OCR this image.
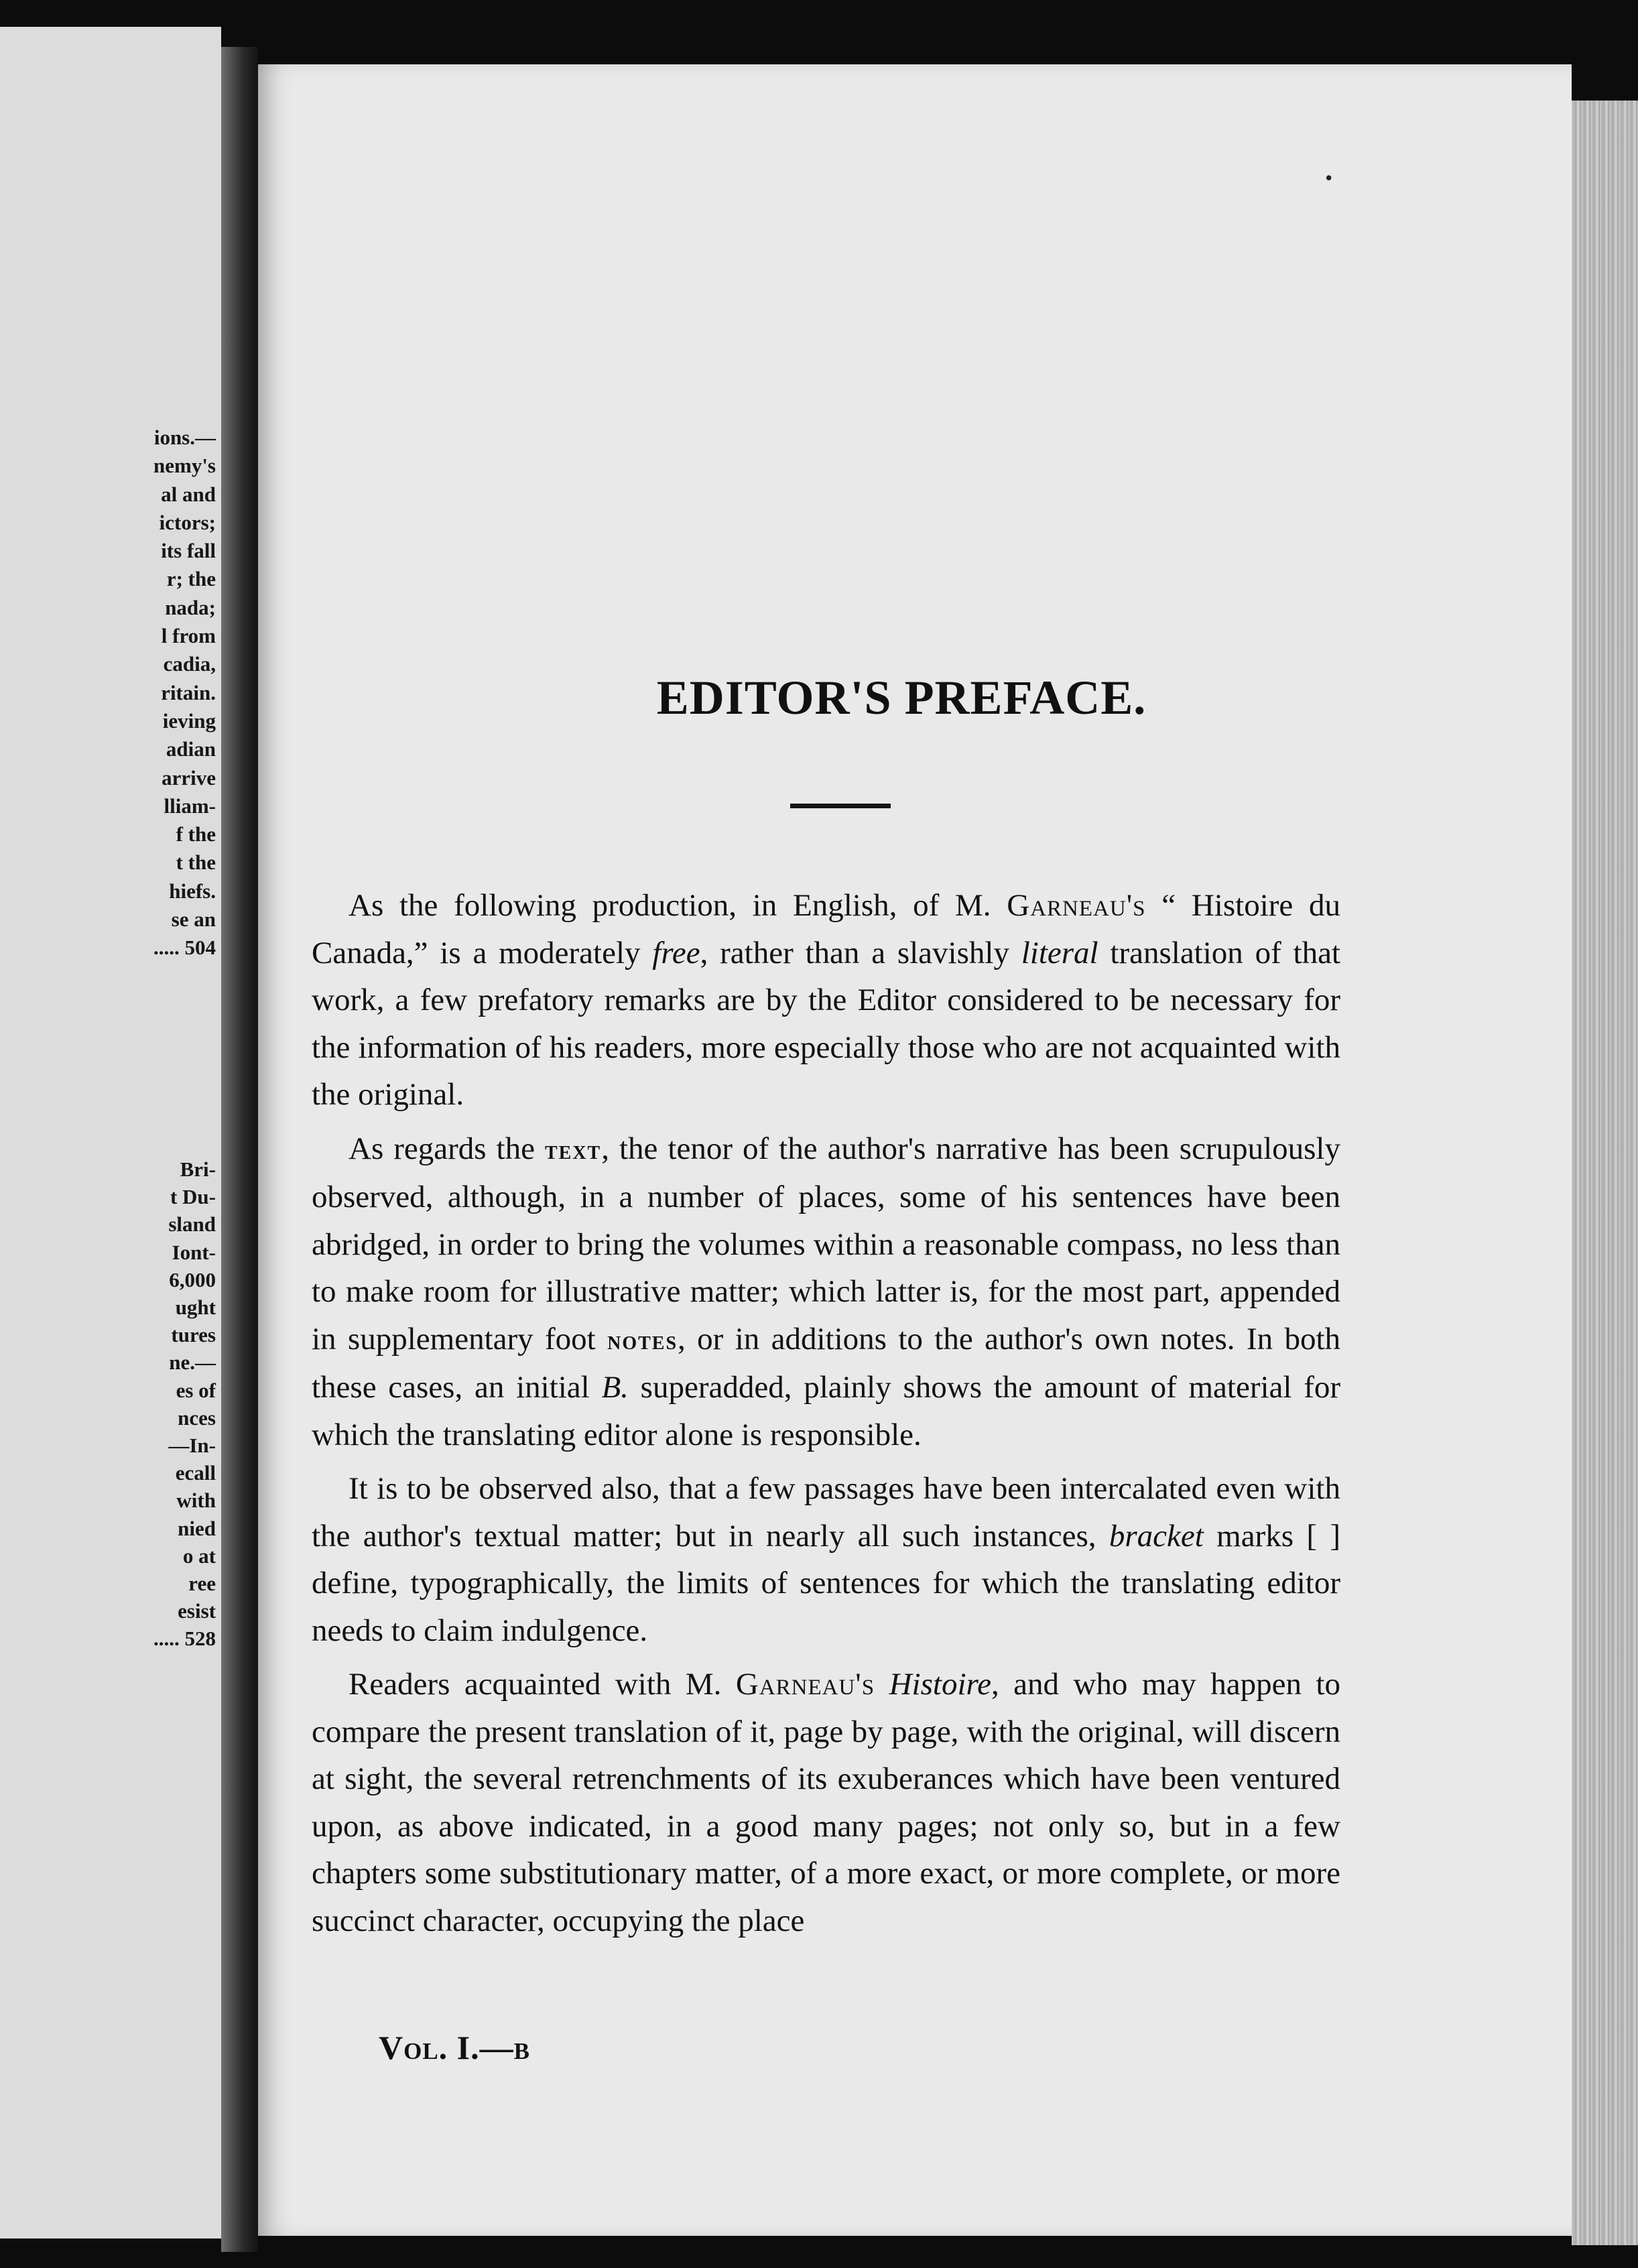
ions.—
nemy's
al and
ictors;
its fall
r; the
nada;
l from
cadia,
ritain.
ieving
adian
arrive
lliam-
f the
t the
hiefs.
se an
..... 504
Bri-
t Du-
sland
Iont-
6,000
ught
tures
ne.—
es of
nces
—In-
ecall
with
nied
o at
ree
esist
..... 528
•
EDITOR'S PREFACE.

As the following production, in English, of M. Garneau's “ Histoire du Canada,” is a moderately free, rather than a slavishly literal translation of that work, a few prefatory remarks are by the Editor considered to be necessary for the information of his readers, more especially those who are not acquainted with the original.

As regards the text, the tenor of the author's narrative has been scrupulously observed, although, in a number of places, some of his sentences have been abridged, in order to bring the volumes within a reasonable compass, no less than to make room for illustrative matter; which latter is, for the most part, appended in supplementary foot notes, or in additions to the author's own notes. In both these cases, an initial B. superadded, plainly shows the amount of material for which the translating editor alone is responsible.

It is to be observed also, that a few passages have been intercalated even with the author's textual matter; but in nearly all such instances, bracket marks [ ] define, typographically, the limits of sentences for which the translating editor needs to claim indulgence.

Readers acquainted with M. Garneau's Histoire, and who may happen to compare the present translation of it, page by page, with the original, will discern at sight, the several retrenchments of its exuberances which have been ventured upon, as above indicated, in a good many pages; not only so, but in a few chapters some substitutionary matter, of a more exact, or more complete, or more succinct character, occupying the place

Vol. I.—b
